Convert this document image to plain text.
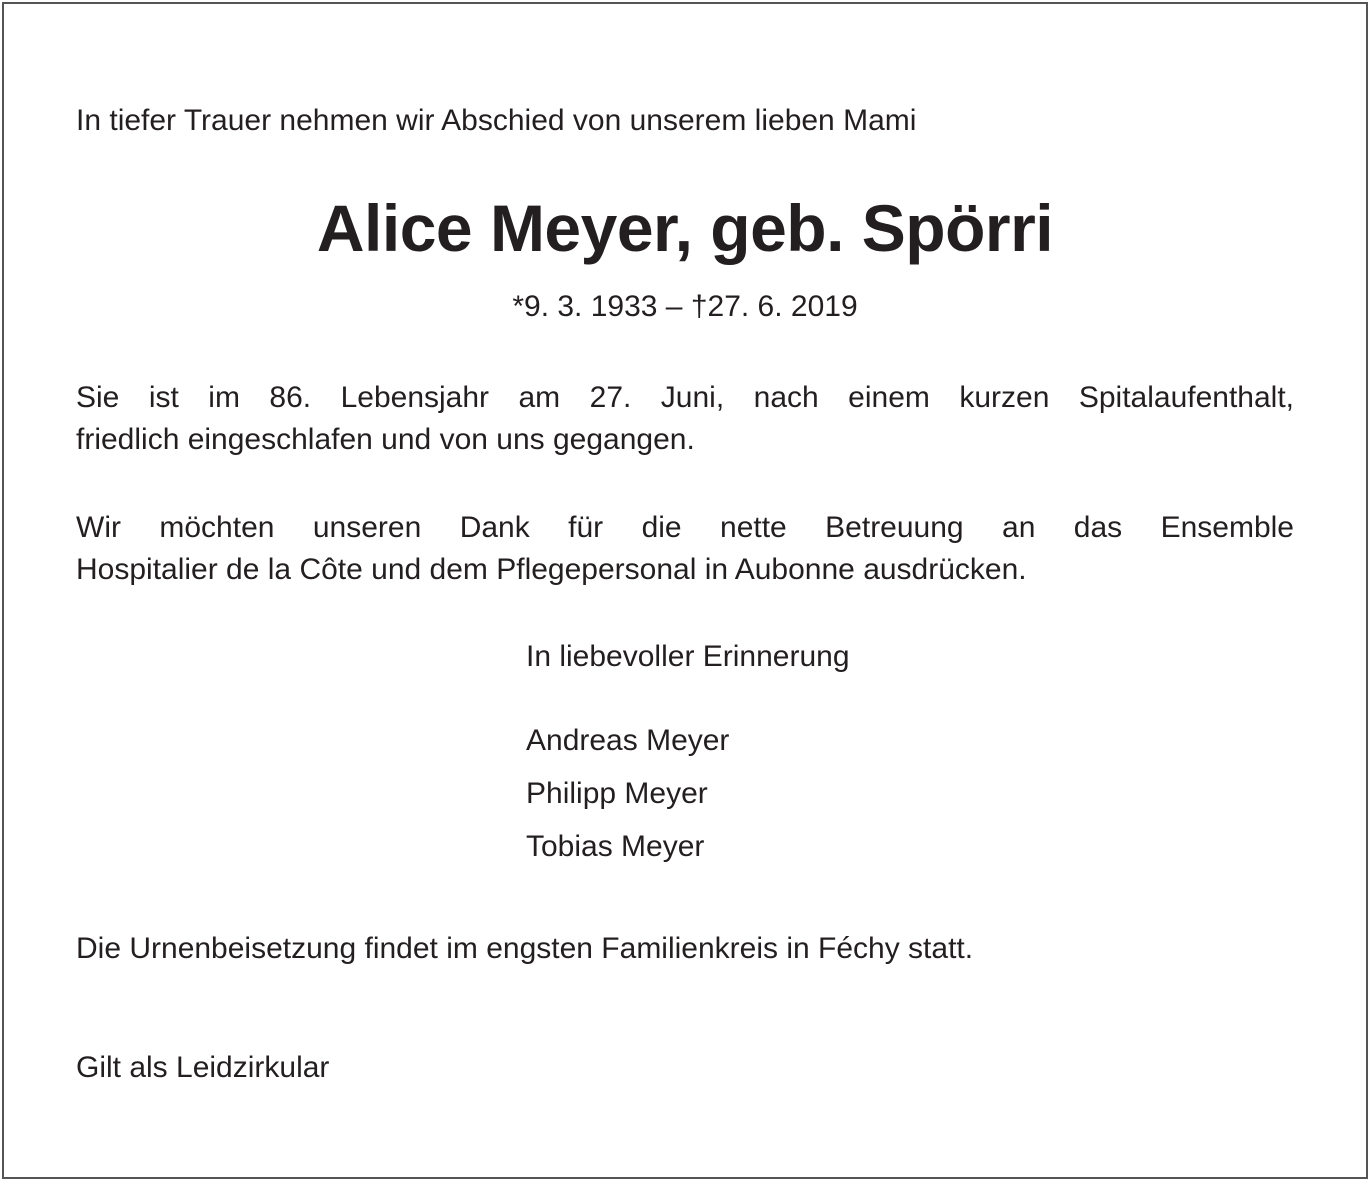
In tiefer Trauer nehmen wir Abschied von unserem lieben Mami

Alice Meyer, geb. Spörri

*9. 3. 1933 – †27. 6. 2019

Sie ist im 86. Lebensjahr am 27. Juni, nach einem kurzen Spitalaufenthalt,
friedlich eingeschlafen und von uns gegangen.

Wir möchten unseren Dank für die nette Betreuung an das Ensemble
Hospitalier de la Côte und dem Pflegepersonal in Aubonne ausdrücken.

In liebevoller Erinnerung

Andreas Meyer
Philipp Meyer
Tobias Meyer

Die Urnenbeisetzung findet im engsten Familienkreis in Féchy statt.

Gilt als Leidzirkular
